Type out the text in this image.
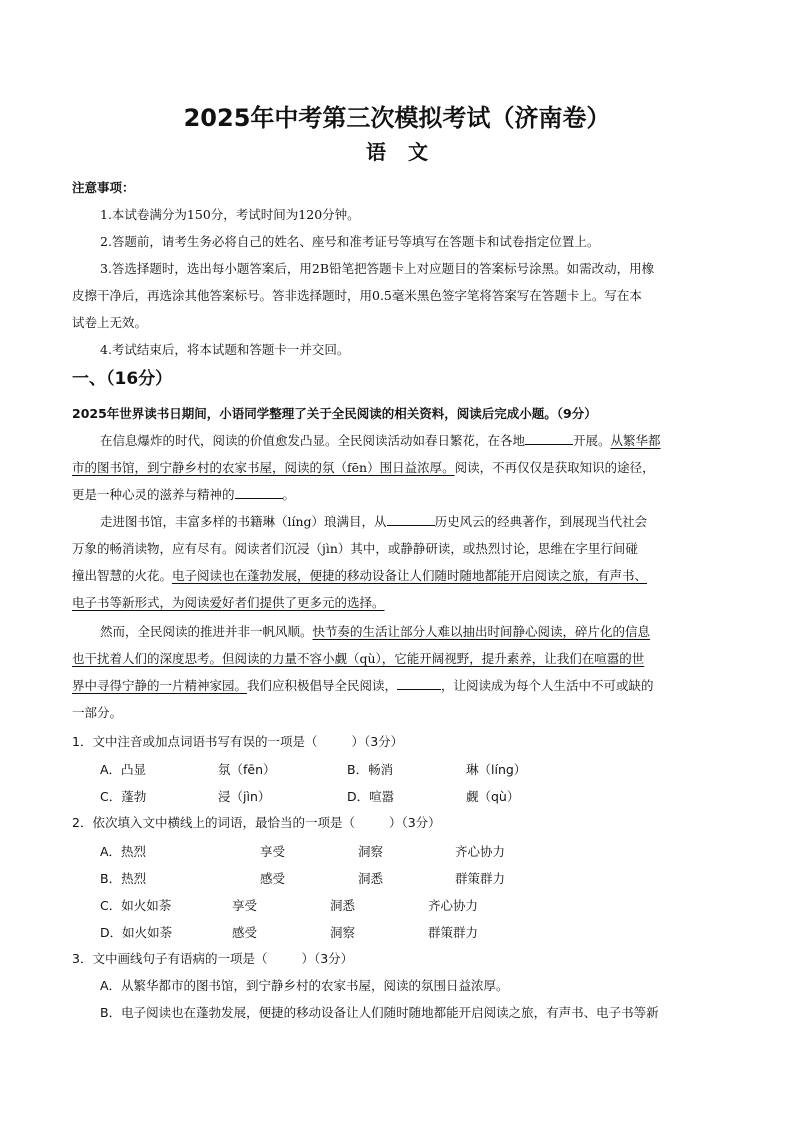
2025年中考第三次模拟考试（济南卷）
语 文
注意事项：
1.本试卷满分为150分，考试时间为120分钟。
2.答题前，请考生务必将自己的姓名、座号和准考证号等填写在答题卡和试卷指定位置上。
3.答选择题时，选出每小题答案后，用2B铅笔把答题卡上对应题目的答案标号涂黑。如需改动，用橡
皮擦干净后，再选涂其他答案标号。答非选择题时，用0.5毫米黑色签字笔将答案写在答题卡上。写在本
试卷上无效。
4.考试结束后，将本试题和答题卡一并交回。
一、（16分）
2025年世界读书日期间，小语同学整理了关于全民阅读的相关资料，阅读后完成小题。（9分）
在信息爆炸的时代，阅读的价值愈发凸显。全民阅读活动如春日繁花，在各地	开展。从繁华都
市的图书馆，到宁静乡村的农家书屋，阅读的氛（fēn）围日益浓厚。阅读，不再仅仅是获取知识的途径，
更是一种心灵的滋养与精神的	。
走进图书馆，丰富多样的书籍琳（líng）琅满目，从	历史风云的经典著作，到展现当代社会
万象的畅消读物，应有尽有。阅读者们沉浸（jìn）其中，或静静研读，或热烈讨论，思维在字里行间碰
撞出智慧的火花。电子阅读也在蓬勃发展，便捷的移动设备让人们随时随地都能开启阅读之旅，有声书、
电子书等新形式，为阅读爱好者们提供了更多元的选择。
然而，全民阅读的推进并非一帆风顺。快节奏的生活让部分人难以抽出时间静心阅读，碎片化的信息
也干扰着人们的深度思考。但阅读的力量不容小觑（qù），它能开阔视野，提升素养，让我们在喧嚣的世
界中寻得宁静的一片精神家园。我们应积极倡导全民阅读，	，让阅读成为每个人生活中不可或缺的
一部分。
1．文中注音或加点词语书写有误的一项是（	）（3分）
A．凸显	氛（fēn）	B．畅消	琳（líng）
C．蓬勃	浸（jìn）	D．喧嚣	觑（qù）
2．依次填入文中横线上的词语，最恰当的一项是（	）（3分）
A．热烈	享受	洞察	齐心协力
B．热烈	感受	洞悉	群策群力
C．如火如荼	享受	洞悉	齐心协力
D．如火如荼	感受	洞察	群策群力
3．文中画线句子有语病的一项是（	）（3分）
A．从繁华都市的图书馆，到宁静乡村的农家书屋，阅读的氛围日益浓厚。
B．电子阅读也在蓬勃发展，便捷的移动设备让人们随时随地都能开启阅读之旅，有声书、电子书等新
